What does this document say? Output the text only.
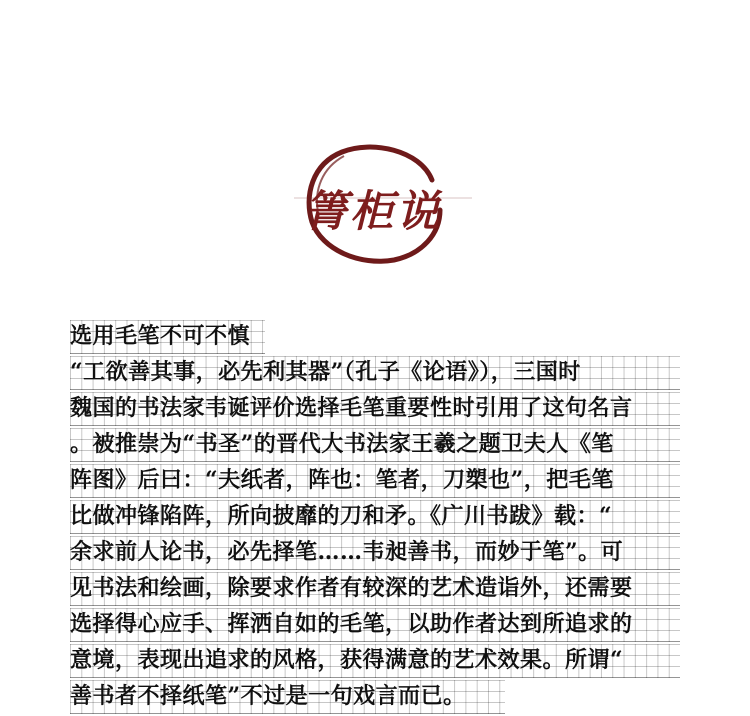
箐柜说
选用毛笔不可不慎
“工欲善其事，必先利其器”（孔子《论语》），三国时
魏国的书法家韦诞评价选择毛笔重要性时引用了这句名言
。被推崇为“书圣”的晋代大书法家王羲之题卫夫人《笔
阵图》后曰：“夫纸者，阵也：笔者，刀槊也”，把毛笔
比做冲锋陷阵，所向披靡的刀和矛。《广川书跋》载：“
余求前人论书，必先择笔……韦昶善书，而妙于笔”。可
见书法和绘画，除要求作者有较深的艺术造诣外，还需要
选择得心应手、挥洒自如的毛笔，以助作者达到所追求的
意境，表现出追求的风格，获得满意的艺术效果。所谓“
善书者不择纸笔”不过是一句戏言而已。
